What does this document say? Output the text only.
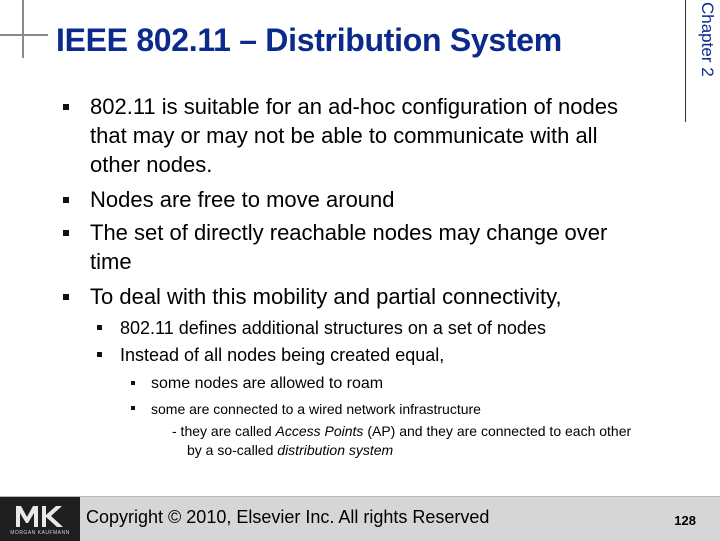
IEEE 802.11 – Distribution System	Chapter 2
802.11 is suitable for an ad-hoc configuration of nodes
that may or may not be able to communicate with all
other nodes.
Nodes are free to move around
The set of directly reachable nodes may change over
time
To deal with this mobility and partial connectivity,
802.11 defines additional structures on a set of nodes
Instead of all nodes being created equal,
some nodes are allowed to roam
some are connected to a wired network infrastructure
- they are called Access Points (AP) and they are connected to each other
by a so-called distribution system
MORGAN KAUFMANN
Copyright © 2010, Elsevier Inc. All rights Reserved	128
